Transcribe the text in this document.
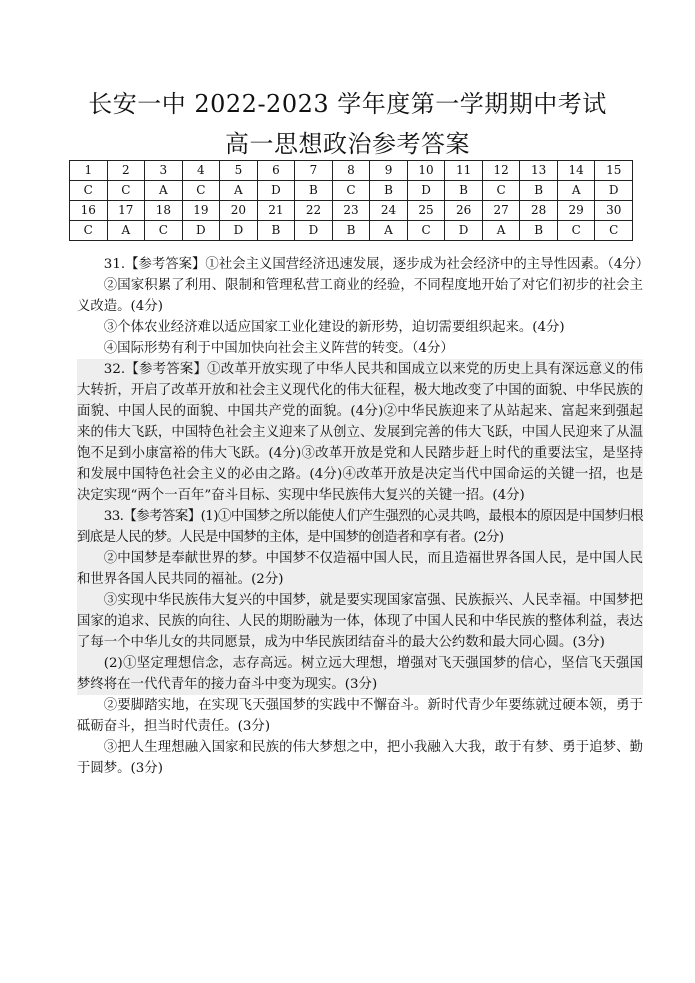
长安一中 2022-2023 学年度第一学期期中考试
高一思想政治参考答案
1	2	3	4	5	6	7	8	9	10	11	12	13	14	15
C	C	A	C	A	D	B	C	B	D	B	C	B	A	D
16	17	18	19	20	21	22	23	24	25	26	27	28	29	30
C	A	C	D	D	B	D	B	A	C	D	A	B	C	C

31.【参考答案】①社会主义国营经济迅速发展，逐步成为社会经济中的主导性因素。（4分）

②国家积累了利用、限制和管理私营工商业的经验，不同程度地开始了对它们初步的社会主义改造。(4分)

③个体农业经济难以适应国家工业化建设的新形势，迫切需要组织起来。(4分)

④国际形势有利于中国加快向社会主义阵营的转变。（4分）

32.【参考答案】①改革开放实现了中华人民共和国成立以来党的历史上具有深远意义的伟大转折，开启了改革开放和社会主义现代化的伟大征程，极大地改变了中国的面貌、中华民族的面貌、中国人民的面貌、中国共产党的面貌。(4分)②中华民族迎来了从站起来、富起来到强起来的伟大飞跃，中国特色社会主义迎来了从创立、发展到完善的伟大飞跃，中国人民迎来了从温饱不足到小康富裕的伟大飞跃。(4分)③改革开放是党和人民踏步赶上时代的重要法宝，是坚持和发展中国特色社会主义的必由之路。(4分)④改革开放是决定当代中国命运的关键一招，也是决定实现“两个一百年”奋斗目标、实现中华民族伟大复兴的关键一招。(4分)

33.【参考答案】(1)①中国梦之所以能使人们产生强烈的心灵共鸣，最根本的原因是中国梦归根到底是人民的梦。人民是中国梦的主体，是中国梦的创造者和享有者。(2分)

②中国梦是奉献世界的梦。中国梦不仅造福中国人民，而且造福世界各国人民，是中国人民和世界各国人民共同的福祉。(2分)

③实现中华民族伟大复兴的中国梦，就是要实现国家富强、民族振兴、人民幸福。中国梦把国家的追求、民族的向往、人民的期盼融为一体，体现了中国人民和中华民族的整体利益，表达了每一个中华儿女的共同愿景，成为中华民族团结奋斗的最大公约数和最大同心圆。(3分)

(2)①坚定理想信念，志存高远。树立远大理想，增强对飞天强国梦的信心，坚信飞天强国梦终将在一代代青年的接力奋斗中变为现实。(3分)

②要脚踏实地，在实现飞天强国梦的实践中不懈奋斗。新时代青少年要练就过硬本领，勇于砥砺奋斗，担当时代责任。(3分)

③把人生理想融入国家和民族的伟大梦想之中，把小我融入大我，敢于有梦、勇于追梦、勤于圆梦。(3分)
